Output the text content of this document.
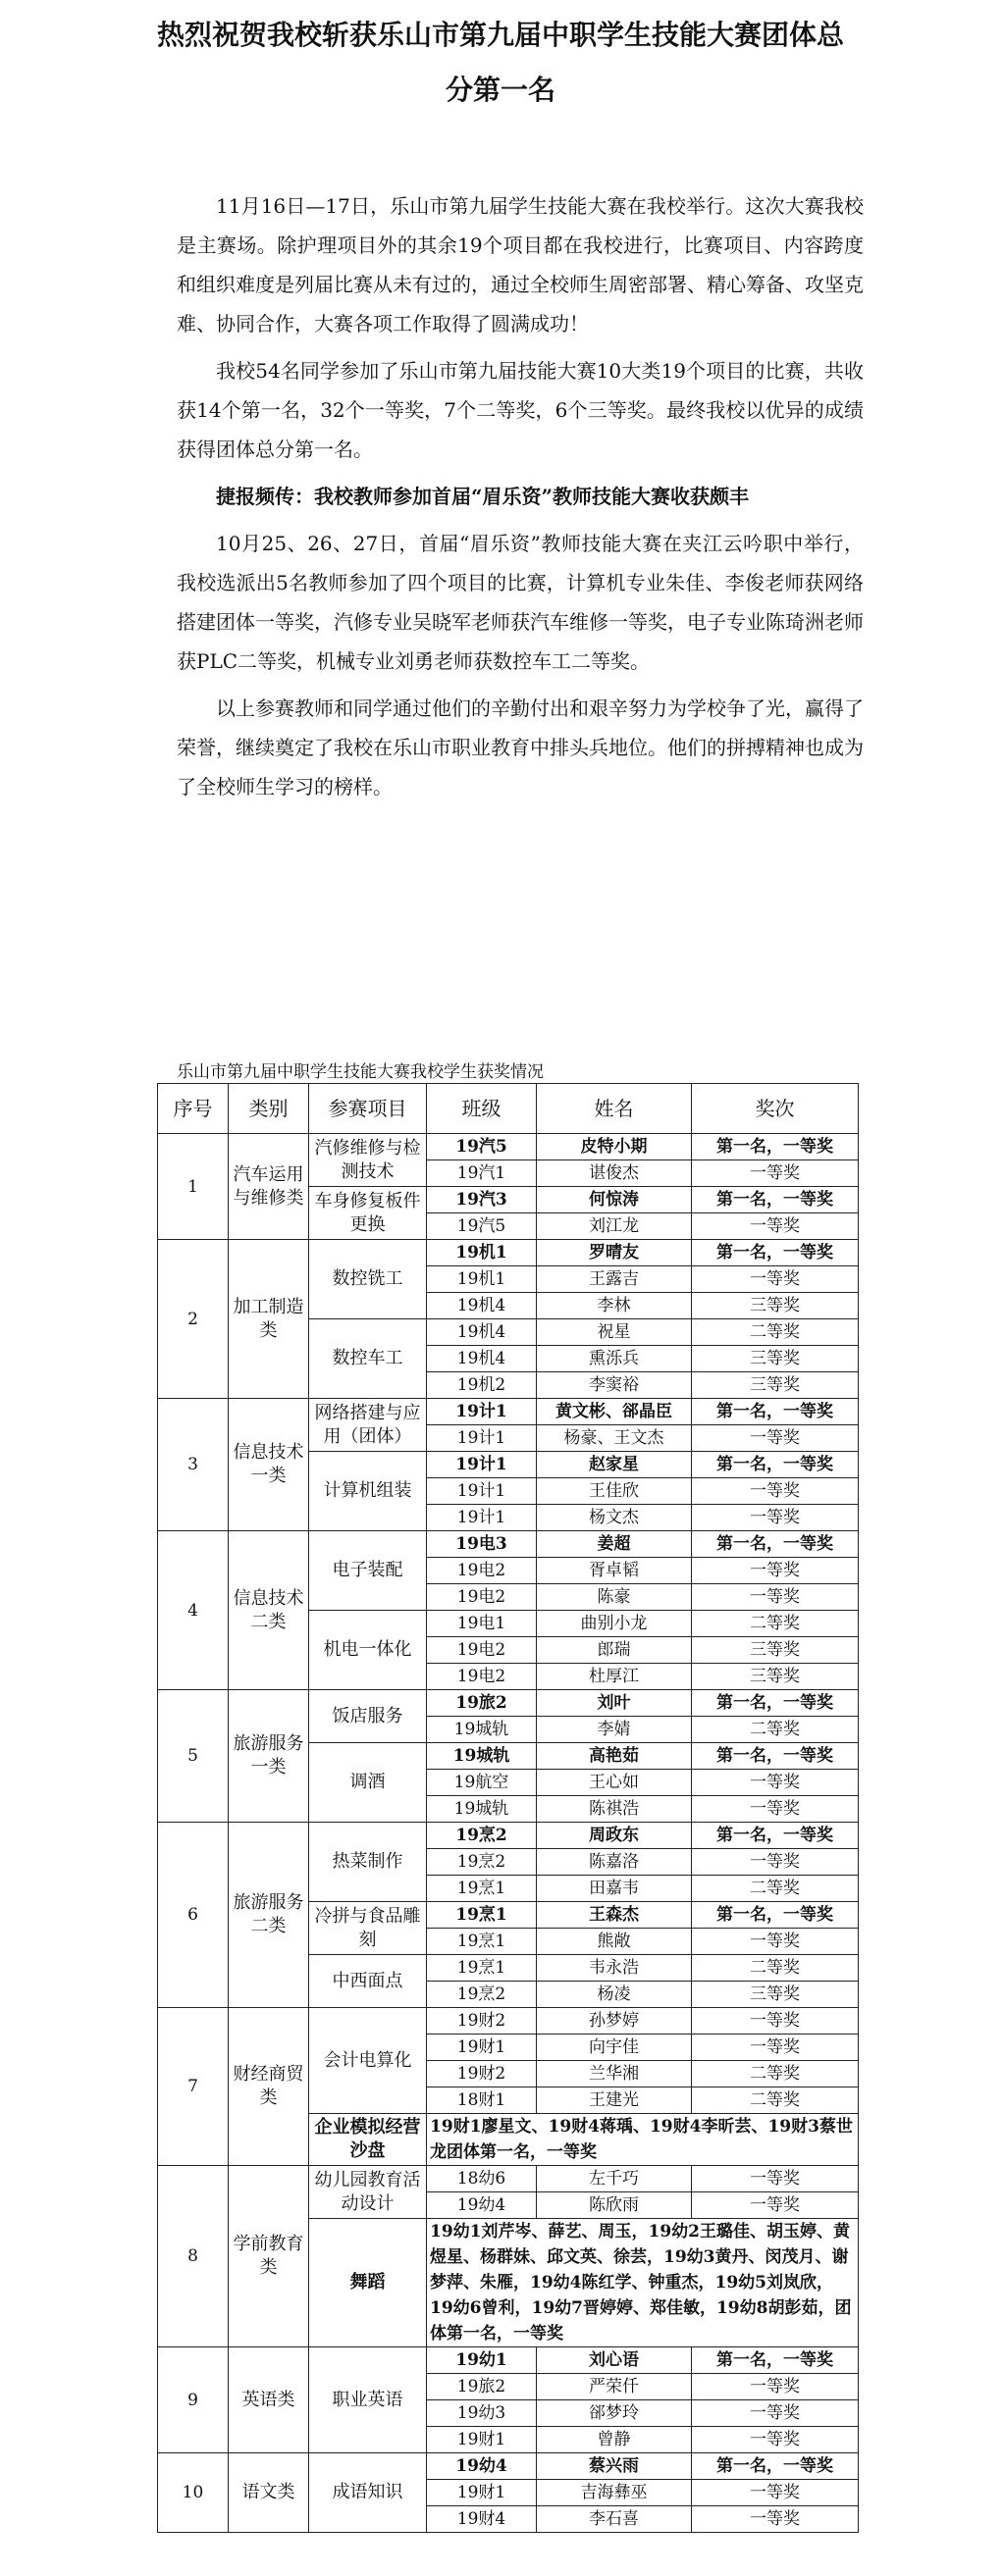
热烈祝贺我校斩获乐山市第九届中职学生技能大赛团体总分第一名

11月16日—17日，乐山市第九届学生技能大赛在我校举行。这次大赛我校是主赛场。除护理项目外的其余19个项目都在我校进行，比赛项目、内容跨度和组织难度是列届比赛从未有过的，通过全校师生周密部署、精心筹备、攻坚克难、协同合作，大赛各项工作取得了圆满成功！

我校54名同学参加了乐山市第九届技能大赛10大类19个项目的比赛，共收获14个第一名，32个一等奖，7个二等奖，6个三等奖。最终我校以优异的成绩获得团体总分第一名。

捷报频传：我校教师参加首届“眉乐资”教师技能大赛收获颇丰

10月25、26、27日，首届“眉乐资”教师技能大赛在夹江云吟职中举行，我校选派出5名教师参加了四个项目的比赛，计算机专业朱佳、李俊老师获网络搭建团体一等奖，汽修专业吴晓军老师获汽车维修一等奖，电子专业陈琦洲老师获PLC二等奖，机械专业刘勇老师获数控车工二等奖。

以上参赛教师和同学通过他们的辛勤付出和艰辛努力为学校争了光，赢得了荣誉，继续奠定了我校在乐山市职业教育中排头兵地位。他们的拼搏精神也成为了全校师生学习的榜样。

乐山市第九届中职学生技能大赛我校学生获奖情况
序号	类别	参赛项目	班级	姓名	奖次
1	汽车运用与维修类	汽修维修与检测技术	19汽5	皮特小期	第一名，一等奖
			19汽1	谌俊杰	一等奖
		车身修复板件更换	19汽3	何惊涛	第一名，一等奖
			19汽5	刘江龙	一等奖
2	加工制造类	数控铣工	19机1	罗晴友	第一名，一等奖
			19机1	王露吉	一等奖
			19机4	李林	三等奖
		数控车工	19机4	祝星	二等奖
			19机4	熏泺兵	三等奖
			19机2	李窦裕	三等奖
3	信息技术一类	网络搭建与应用（团体）	19计1	黄文彬、郤晶臣	第一名，一等奖
			19计1	杨豪、王文杰	一等奖
		计算机组装	19计1	赵家星	第一名，一等奖
			19计1	王佳欣	一等奖
			19计1	杨文杰	一等奖
4	信息技术二类	电子装配	19电3	姜超	第一名，一等奖
			19电2	胥卓韬	一等奖
			19电2	陈豪	一等奖
		机电一体化	19电1	曲别小龙	二等奖
			19电2	郎瑞	三等奖
			19电2	杜厚江	三等奖
5	旅游服务一类	饭店服务	19旅2	刘叶	第一名，一等奖
			19城轨	李婧	二等奖
		调酒	19城轨	高艳茹	第一名，一等奖
			19航空	王心如	一等奖
			19城轨	陈祺浩	一等奖
6	旅游服务二类	热菜制作	19烹2	周政东	第一名，一等奖
			19烹2	陈嘉洛	一等奖
			19烹1	田嘉韦	二等奖
		冷拼与食品雕刻	19烹1	王森杰	第一名，一等奖
			19烹1	熊敞	一等奖
		中西面点	19烹1	韦永浩	二等奖
			19烹2	杨凌	三等奖
7	财经商贸类	会计电算化	19财2	孙梦婷	一等奖
			19财1	向宇佳	一等奖
			19财2	兰华湘	二等奖
			18财1	王建光	二等奖
		企业模拟经营沙盘	19财1廖星文、19财4蒋瑀、19财4李昕芸、19财3蔡世龙团体第一名，一等奖		
8	学前教育类	幼儿园教育活动设计	18幼6	左千巧	一等奖
			19幼4	陈欣雨	一等奖
		舞蹈	19幼1刘芹岑、薛艺、周玉，19幼2王璐佳、胡玉婷、黄煜星、杨群妹、邱文英、徐芸，19幼3黄丹、闵茂月、谢梦萍、朱雁，19幼4陈红学、钟重杰，19幼5刘岚欣，19幼6曾利，19幼7晋婷婷、郑佳敏，19幼8胡彭茹，团体第一名，一等奖		
9	英语类	职业英语	19幼1	刘心语	第一名，一等奖
			19旅2	严荣仟	一等奖
			19幼3	郤梦玲	一等奖
			19财1	曾静	一等奖
10	语文类	成语知识	19幼4	蔡兴雨	第一名，一等奖
			19财1	吉海彝巫	一等奖
			19财4	李石喜	一等奖
